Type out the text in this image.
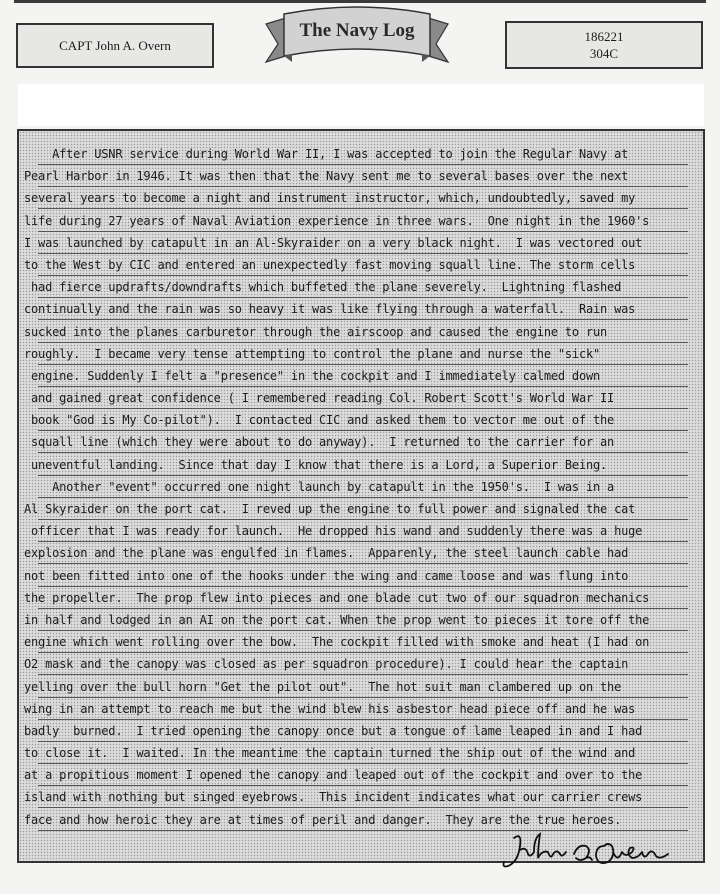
CAPT John A. Overn
The Navy Log	186221
304C
After USNR service during World War II, I was accepted to join the Regular Navy at
Pearl Harbor in 1946. It was then that the Navy sent me to several bases over the next
several years to become a night and instrument instructor, which, undoubtedly, saved my
life during 27 years of Naval Aviation experience in three wars.  One night in the 1960's
I was launched by catapult in an Al-Skyraider on a very black night.  I was vectored out
to the West by CIC and entered an unexpectedly fast moving squall line. The storm cells
had fierce updrafts/downdrafts which buffeted the plane severely.  Lightning flashed
continually and the rain was so heavy it was like flying through a waterfall.  Rain was
sucked into the planes carburetor through the airscoop and caused the engine to run
roughly.  I became very tense attempting to control the plane and nurse the "sick"
engine. Suddenly I felt a "presence" in the cockpit and I immediately calmed down
and gained great confidence ( I remembered reading Col. Robert Scott's World War II
book "God is My Co-pilot").  I contacted CIC and asked them to vector me out of the
squall line (which they were about to do anyway).  I returned to the carrier for an
uneventful landing.  Since that day I know that there is a Lord, a Superior Being.
Another "event" occurred one night launch by catapult in the 1950's.  I was in a
Al Skyraider on the port cat.  I reved up the engine to full power and signaled the cat
officer that I was ready for launch.  He dropped his wand and suddenly there was a huge
explosion and the plane was engulfed in flames.  Apparenly, the steel launch cable had
not been fitted into one of the hooks under the wing and came loose and was flung into
the propeller.  The prop flew into pieces and one blade cut two of our squadron mechanics
in half and lodged in an AI on the port cat. When the prop went to pieces it tore off the
engine which went rolling over the bow.  The cockpit filled with smoke and heat (I had on
O2 mask and the canopy was closed as per squadron procedure). I could hear the captain
yelling over the bull horn "Get the pilot out".  The hot suit man clambered up on the
wing in an attempt to reach me but the wind blew his asbestor head piece off and he was
badly  burned.  I tried opening the canopy once but a tongue of lame leaped in and I had
to close it.  I waited. In the meantime the captain turned the ship out of the wind and
at a propitious moment I opened the canopy and leaped out of the cockpit and over to the
island with nothing but singed eyebrows.  This incident indicates what our carrier crews
face and how heroic they are at times of peril and danger.  They are the true heroes.
